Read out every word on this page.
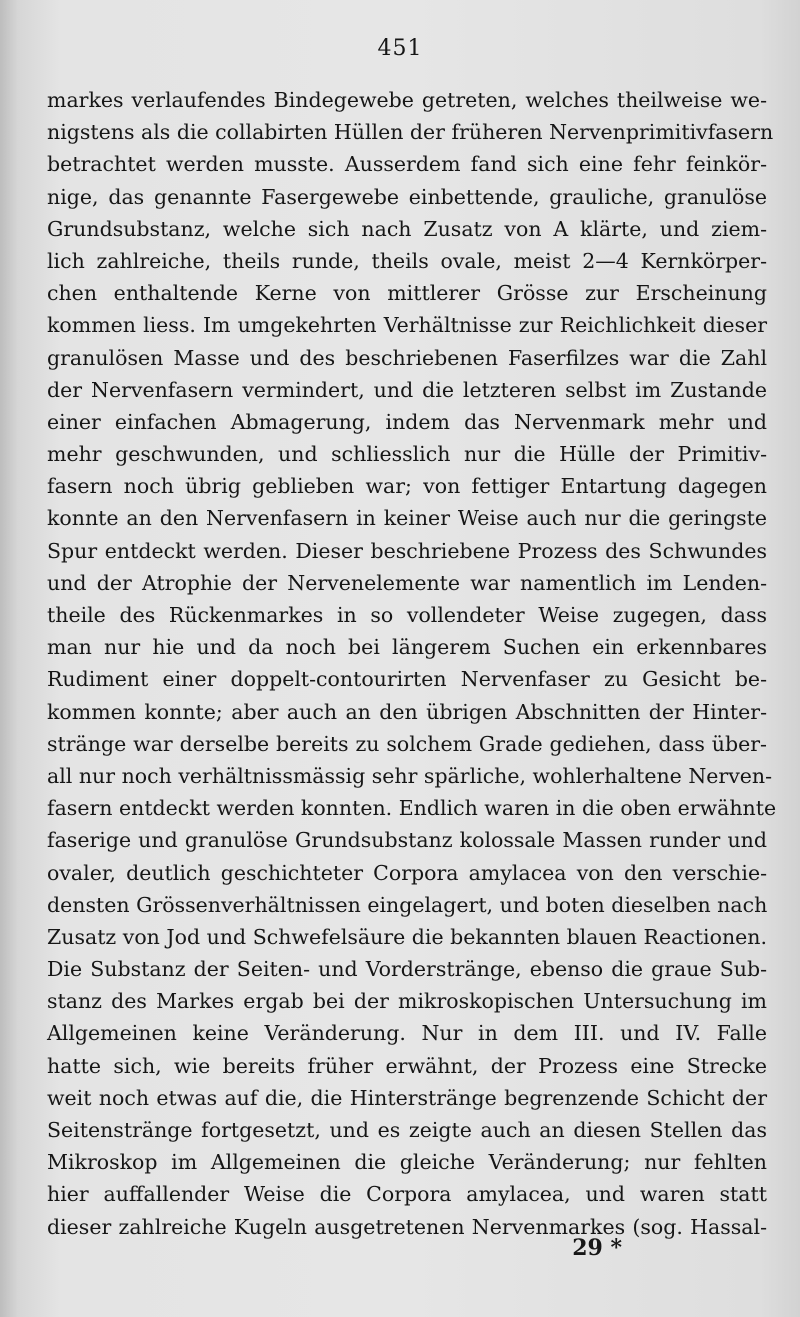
451
markes verlaufendes Bindegewebe getreten, welches theilweise we-
nigstens als die collabirten Hüllen der früheren Nervenprimitivfasern
betrachtet werden musste. Ausserdem fand sich eine fehr feinkör-
nige, das genannte Fasergewebe einbettende, grauliche, granulöse
Grundsubstanz, welche sich nach Zusatz von A klärte, und ziem-
lich zahlreiche, theils runde, theils ovale, meist 2—4 Kernkörper-
chen enthaltende Kerne von mittlerer Grösse zur Erscheinung
kommen liess. Im umgekehrten Verhältnisse zur Reichlichkeit dieser
granulösen Masse und des beschriebenen Faserfilzes war die Zahl
der Nervenfasern vermindert, und die letzteren selbst im Zustande
einer einfachen Abmagerung, indem das Nervenmark mehr und
mehr geschwunden, und schliesslich nur die Hülle der Primitiv-
fasern noch übrig geblieben war; von fettiger Entartung dagegen
konnte an den Nervenfasern in keiner Weise auch nur die geringste
Spur entdeckt werden. Dieser beschriebene Prozess des Schwundes
und der Atrophie der Nervenelemente war namentlich im Lenden-
theile des Rückenmarkes in so vollendeter Weise zugegen, dass
man nur hie und da noch bei längerem Suchen ein erkennbares
Rudiment einer doppelt-contourirten Nervenfaser zu Gesicht be-
kommen konnte; aber auch an den übrigen Abschnitten der Hinter-
stränge war derselbe bereits zu solchem Grade gediehen, dass über-
all nur noch verhältnissmässig sehr spärliche, wohlerhaltene Nerven-
fasern entdeckt werden konnten. Endlich waren in die oben erwähnte
faserige und granulöse Grundsubstanz kolossale Massen runder und
ovaler, deutlich geschichteter Corpora amylacea von den verschie-
densten Grössenverhältnissen eingelagert, und boten dieselben nach
Zusatz von Jod und Schwefelsäure die bekannten blauen Reactionen.
Die Substanz der Seiten- und Vorderstränge, ebenso die graue Sub-
stanz des Markes ergab bei der mikroskopischen Untersuchung im
Allgemeinen keine Veränderung. Nur in dem III. und IV. Falle
hatte sich, wie bereits früher erwähnt, der Prozess eine Strecke
weit noch etwas auf die, die Hinterstränge begrenzende Schicht der
Seitenstränge fortgesetzt, und es zeigte auch an diesen Stellen das
Mikroskop im Allgemeinen die gleiche Veränderung; nur fehlten
hier auffallender Weise die Corpora amylacea, und waren statt
dieser zahlreiche Kugeln ausgetretenen Nervenmarkes (sog. Hassal-
29 *
